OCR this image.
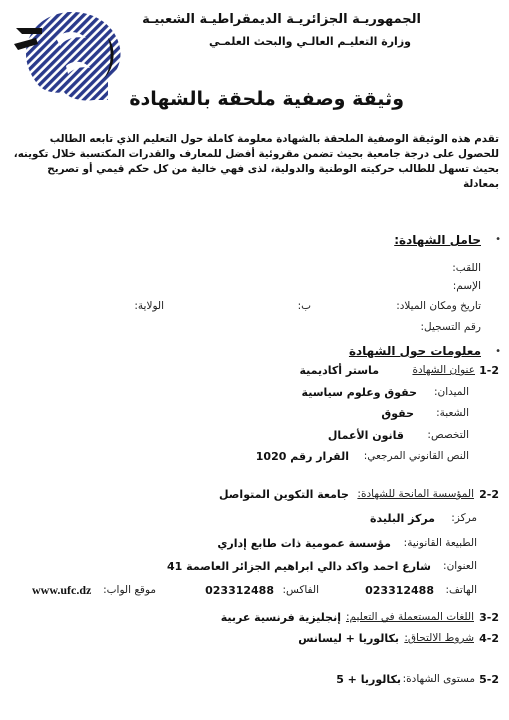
الجمهوريـة الجزائريـة الديمقراطيـة الشعبيـة
وزارة التعليـم العالـي والبحث العلمـي
وثيقة وصفية ملحقة بالشهادة
تقدم هذه الوثيقة الوصفية الملحقة بالشهادة معلومة كاملة حول التعليم الذي تابعه الطالب للحصول على درجة جامعية بحيث تضمن مقروئية أفضل للمعارف والقدرات المكتسبة خلال تكوينه، بحيث تسهل للطالب حركيته الوطنية والدولية، لذى فهي خالية من كل حكم قيمي أو تصريح بمعادلة
•
حامل الشهادة:
اللقب:
الإسم:
تاريخ ومكان الميلاد:
ب:
الولاية:
رقم التسجيل:
•
معلومات حول الشهادة
1-2
عنوان الشهادة
ماستر أكاديمية
الميدان:
حقوق وعلوم سياسية
الشعبة:
حقوق
التخصص:
قانون الأعمال
النص القانوني المرجعي:
القرار رقم 1020
2-2
المؤسسة المانحة للشهادة:
جامعة التكوين المتواصل
مركز:
مركز البليدة
الطبيعة القانونية:
مؤسسة عمومية ذات طابع إداري
العنوان:
شارع احمد واكد دالي ابراهيم الجزائر العاصمة 41
الهاتف:
023312488
الفاكس:
023312488
موقع الواب:
www.ufc.dz
3-2
اللغات المستعملة في التعليم:
إنجليزية فرنسية عربية
4-2
شروط الالتحاق:
بكالوريا + ليسانس
5-2
مستوى الشهادة:
بكالوريا + 5
